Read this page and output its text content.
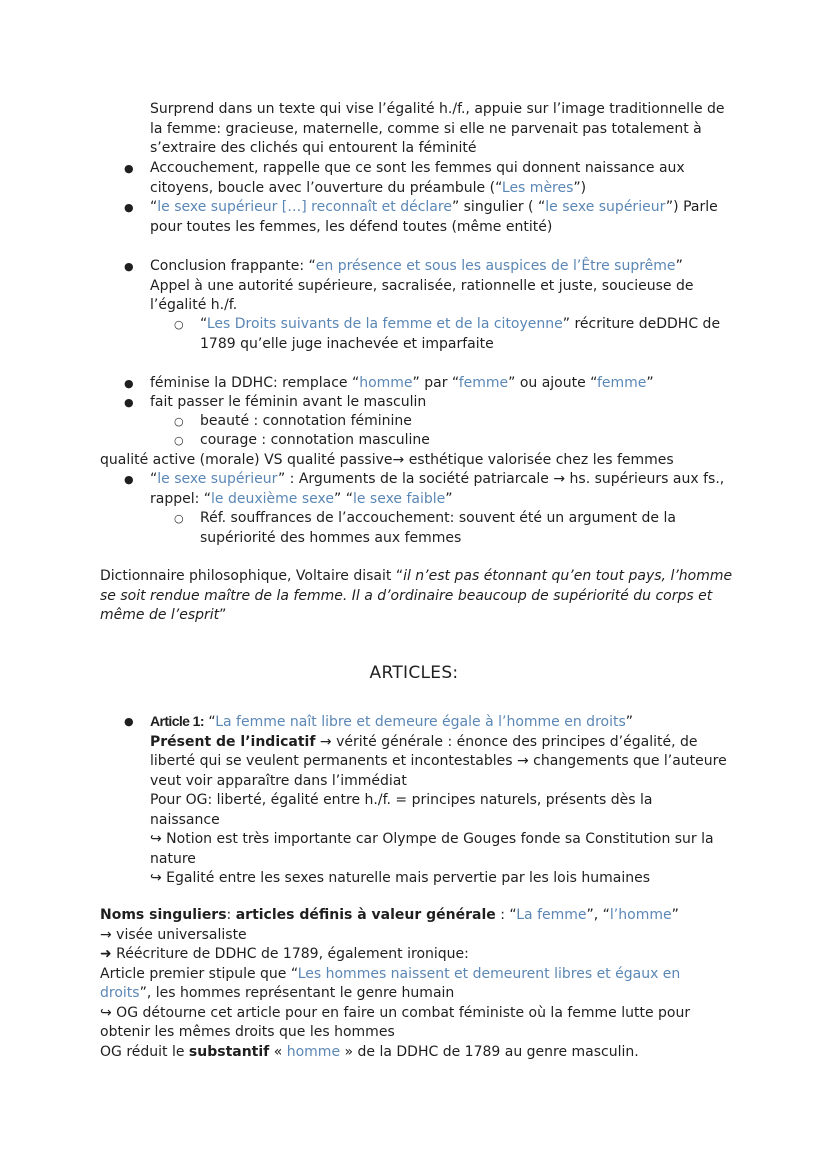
Surprend dans un texte qui vise l’égalité h./f., appuie sur l’image traditionnelle de
la femme: gracieuse, maternelle, comme si elle ne parvenait pas totalement à
s’extraire des clichés qui entourent la féminité
● Accouchement, rappelle que ce sont les femmes qui donnent naissance aux
citoyens, boucle avec l’ouverture du préambule (“Les mères”)
● “le sexe supérieur […] reconnaît et déclare” singulier ( “le sexe supérieur”) Parle
pour toutes les femmes, les défend toutes (même entité)
● Conclusion frappante: “en présence et sous les auspices de l’Être suprême”
Appel à une autorité supérieure, sacralisée, rationnelle et juste, soucieuse de
l’égalité h./f.
○ “Les Droits suivants de la femme et de la citoyenne” récriture deDDHC de
1789 qu’elle juge inachevée et imparfaite
● féminise la DDHC: remplace “homme” par “femme” ou ajoute “femme”
● fait passer le féminin avant le masculin
○ beauté : connotation féminine
○ courage : connotation masculine
qualité active (morale) VS qualité passive→ esthétique valorisée chez les femmes
● “le sexe supérieur” : Arguments de la société patriarcale → hs. supérieurs aux fs.,
rappel: “le deuxième sexe” “le sexe faible”
○ Réf. souffrances de l’accouchement: souvent été un argument de la
supériorité des hommes aux femmes
Dictionnaire philosophique, Voltaire disait “il n’est pas étonnant qu’en tout pays, l’homme
se soit rendue maître de la femme. Il a d’ordinaire beaucoup de supériorité du corps et
même de l’esprit”
ARTICLES:
● Article 1: “La femme naît libre et demeure égale à l’homme en droits”
Présent de l’indicatif → vérité générale : énonce des principes d’égalité, de
liberté qui se veulent permanents et incontestables → changements que l’auteure
veut voir apparaître dans l’immédiat
Pour OG: liberté, égalité entre h./f. = principes naturels, présents dès la
naissance
↪ Notion est très importante car Olympe de Gouges fonde sa Constitution sur la
nature
↪ Egalité entre les sexes naturelle mais pervertie par les lois humaines
Noms singuliers: articles définis à valeur générale : “La femme”, “l’homme”
→ visée universaliste
➜ Réécriture de DDHC de 1789, également ironique:
Article premier stipule que “Les hommes naissent et demeurent libres et égaux en
droits”, les hommes représentant le genre humain
↪ OG détourne cet article pour en faire un combat féministe où la femme lutte pour
obtenir les mêmes droits que les hommes
OG réduit le substantif « homme » de la DDHC de 1789 au genre masculin.
